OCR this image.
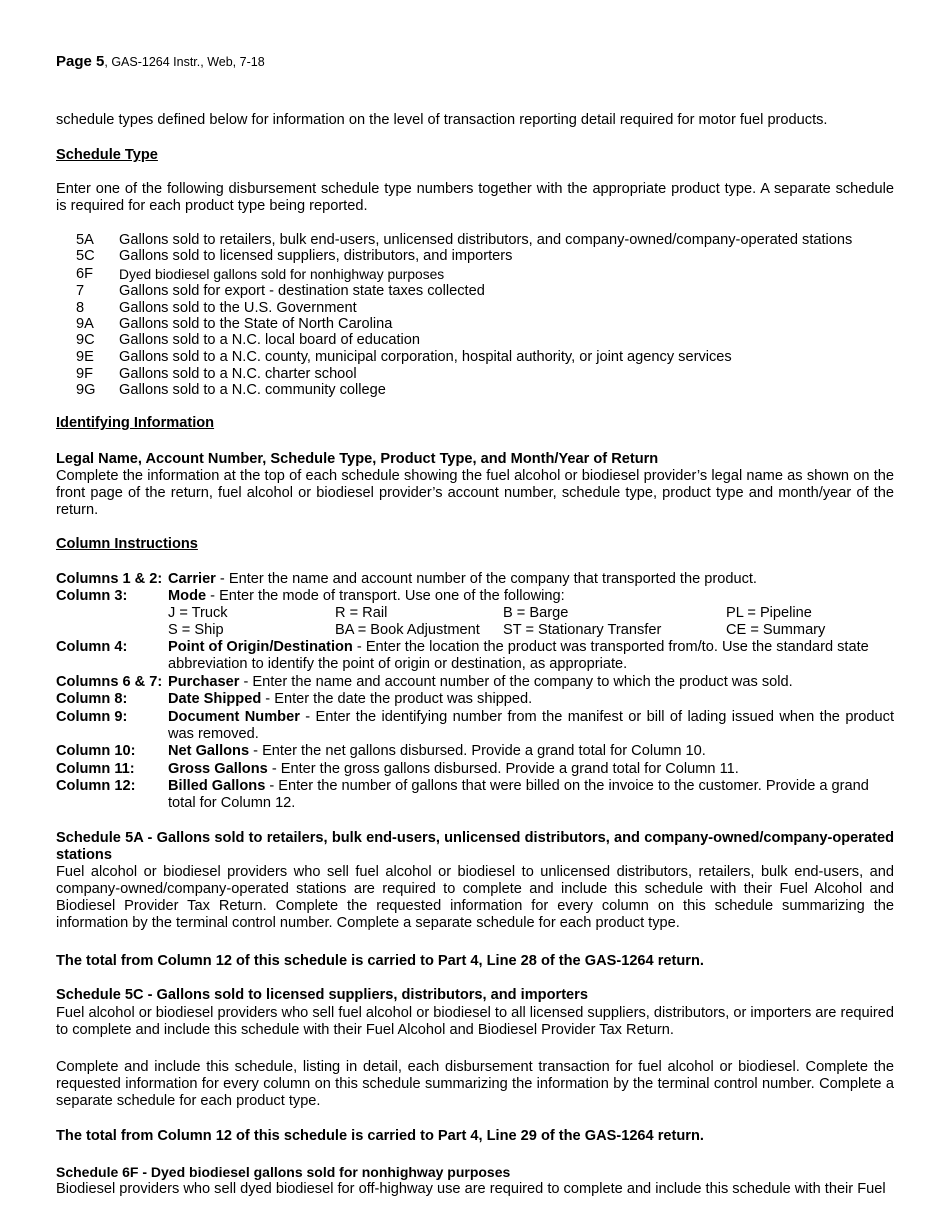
Page 5, GAS-1264 Instr., Web, 7-18

schedule types defined below for information on the level of transaction reporting detail required for motor fuel products.

Schedule Type

Enter one of the following disbursement schedule type numbers together with the appropriate product type. A separate schedule is required for each product type being reported.

5A Gallons sold to retailers, bulk end-users, unlicensed distributors, and company-owned/company-operated stations
5C Gallons sold to licensed suppliers, distributors, and importers
6F Dyed biodiesel gallons sold for nonhighway purposes
7 Gallons sold for export - destination state taxes collected
8 Gallons sold to the U.S. Government
9A Gallons sold to the State of North Carolina
9C Gallons sold to a N.C. local board of education
9E Gallons sold to a N.C. county, municipal corporation, hospital authority, or joint agency services
9F Gallons sold to a N.C. charter school
9G Gallons sold to a N.C. community college

Identifying Information

Legal Name, Account Number, Schedule Type, Product Type, and Month/Year of Return

Complete the information at the top of each schedule showing the fuel alcohol or biodiesel provider’s legal name as shown on the front page of the return, fuel alcohol or biodiesel provider’s account number, schedule type, product type and month/year of the return.

Column Instructions

Columns 1 & 2: Carrier - Enter the name and account number of the company that transported the product.
Column 3:	Mode - Enter the mode of transport. Use one of the following:
J = Truck	R = Rail	B = Barge	PL = Pipeline
S = Ship	BA = Book Adjustment ST = Stationary Transfer	CE = Summary
Column 4:	Point of Origin/Destination - Enter the location the product was transported from/to. Use the standard state abbreviation to identify the point of origin or destination, as appropriate.
Columns 6 & 7: Purchaser - Enter the name and account number of the company to which the product was sold.
Column 8:	Date Shipped - Enter the date the product was shipped.
Column 9:	Document Number - Enter the identifying number from the manifest or bill of lading issued when the product was removed.
Column 10: Net Gallons - Enter the net gallons disbursed. Provide a grand total for Column 10.
Column 11: Gross Gallons - Enter the gross gallons disbursed. Provide a grand total for Column 11.
Column 12: Billed Gallons - Enter the number of gallons that were billed on the invoice to the customer. Provide a grand total for Column 12.

Schedule 5A - Gallons sold to retailers, bulk end-users, unlicensed distributors, and company-owned/company-operated stations

Fuel alcohol or biodiesel providers who sell fuel alcohol or biodiesel to unlicensed distributors, retailers, bulk end-users, and company-owned/company-operated stations are required to complete and include this schedule with their Fuel Alcohol and Biodiesel Provider Tax Return. Complete the requested information for every column on this schedule summarizing the information by the terminal control number. Complete a separate schedule for each product type.

The total from Column 12 of this schedule is carried to Part 4, Line 28 of the GAS-1264 return.

Schedule 5C - Gallons sold to licensed suppliers, distributors, and importers

Fuel alcohol or biodiesel providers who sell fuel alcohol or biodiesel to all licensed suppliers, distributors, or importers are required to complete and include this schedule with their Fuel Alcohol and Biodiesel Provider Tax Return.

Complete and include this schedule, listing in detail, each disbursement transaction for fuel alcohol or biodiesel. Complete the requested information for every column on this schedule summarizing the information by the terminal control number. Complete a separate schedule for each product type.

The total from Column 12 of this schedule is carried to Part 4, Line 29 of the GAS-1264 return.

Schedule 6F - Dyed biodiesel gallons sold for nonhighway purposes

Biodiesel providers who sell dyed biodiesel for off-highway use are required to complete and include this schedule with their Fuel
